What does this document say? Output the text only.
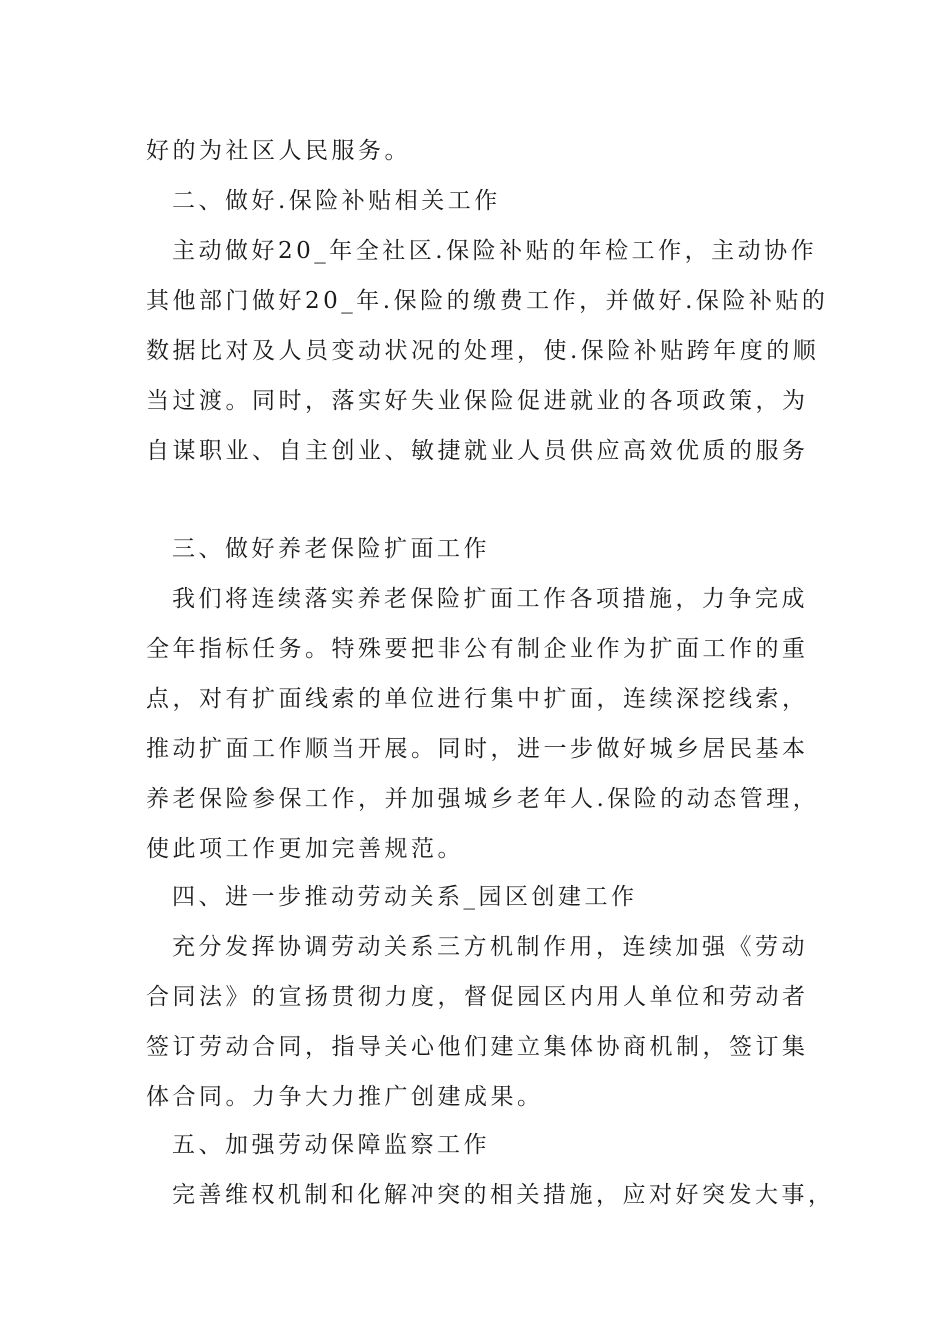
好的为社区人民服务。
二、做好.保险补贴相关工作
主动做好20_年全社区.保险补贴的年检工作，主动协作
其他部门做好20_年.保险的缴费工作，并做好.保险补贴的
数据比对及人员变动状况的处理，使.保险补贴跨年度的顺
当过渡。同时，落实好失业保险促进就业的各项政策，为
自谋职业、自主创业、敏捷就业人员供应高效优质的服务
三、做好养老保险扩面工作
我们将连续落实养老保险扩面工作各项措施，力争完成
全年指标任务。特殊要把非公有制企业作为扩面工作的重
点，对有扩面线索的单位进行集中扩面，连续深挖线索，
推动扩面工作顺当开展。同时，进一步做好城乡居民基本
养老保险参保工作，并加强城乡老年人.保险的动态管理，
使此项工作更加完善规范。
四、进一步推动劳动关系_园区创建工作
充分发挥协调劳动关系三方机制作用，连续加强《劳动
合同法》的宣扬贯彻力度，督促园区内用人单位和劳动者
签订劳动合同，指导关心他们建立集体协商机制，签订集
体合同。力争大力推广创建成果。
五、加强劳动保障监察工作
完善维权机制和化解冲突的相关措施，应对好突发大事，
